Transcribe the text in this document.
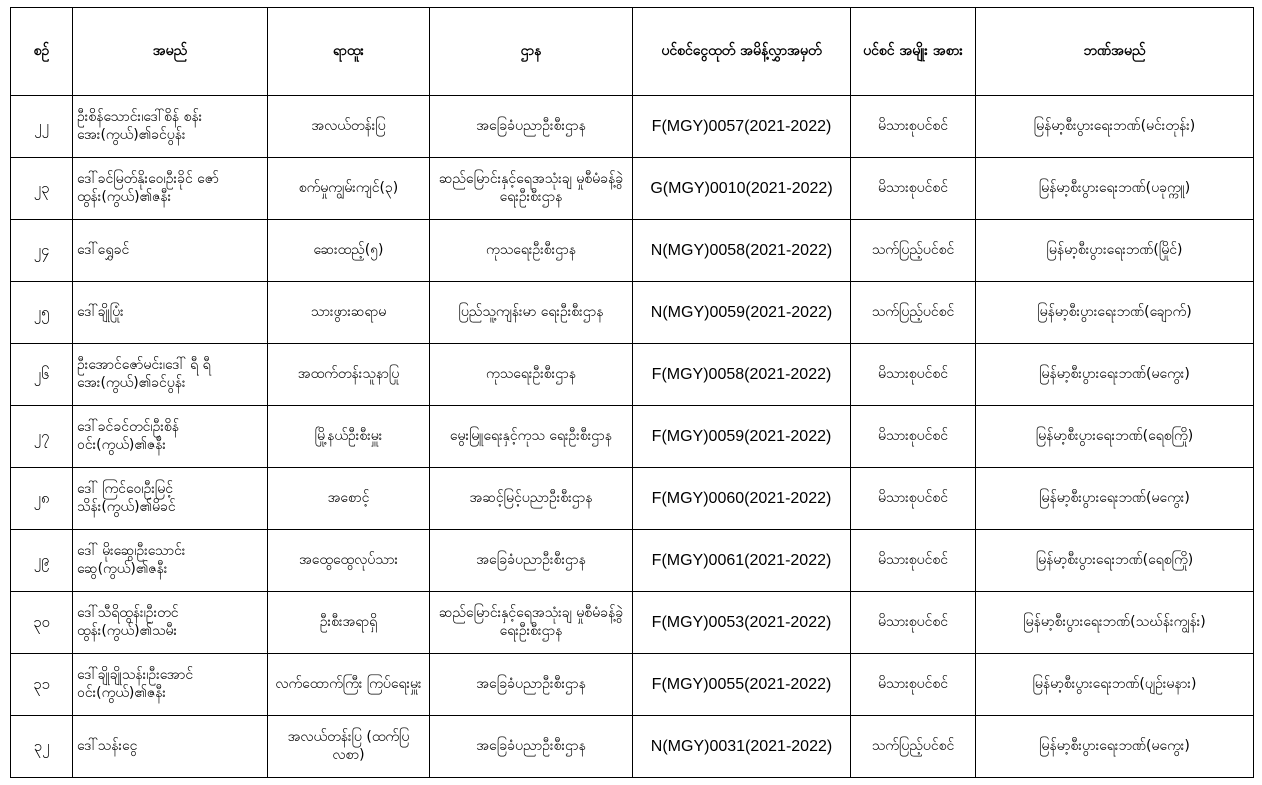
စဉ်	အမည်	ရာထူး	ဌာန	ပင်စင်ငွေထုတ် အမိန့်လွှာအမှတ်	ပင်စင် အမျိုး အစား	ဘဏ်အမည်
၂၂	ဦးစိန်သောင်း၊ဒေါ်စိန် စန်းအေး(ကွယ်)၏ခင်ပွန်း	အလယ်တန်းပြ	အခြေခံပညာဦးစီးဌာန	F(MGY)0057(2021-2022)	မိသားစုပင်စင်	မြန်မာ့စီးပွားရေးဘဏ်(မင်းတုန်း)
၂၃	ဒေါ်ခင်မြတ်နိုးဝေ၊ဦးခိုင် ဇော်ထွန်း(ကွယ်)၏ဇနီး	စက်မှုကျွမ်းကျင်(၃)	ဆည်မြောင်းနှင့်ရေအသုံးချ မှုစီမံခန့်ခွဲရေးဦးစီးဌာန	G(MGY)0010(2021-2022)	မိသားစုပင်စင်	မြန်မာ့စီးပွားရေးဘဏ်(ပခုက္ကူ)
၂၄	ဒေါ်ရွှေခင်	ဆေးထည့်(၅)	ကုသရေးဦးစီးဌာန	N(MGY)0058(2021-2022)	သက်ပြည့်ပင်စင်	မြန်မာ့စီးပွားရေးဘဏ်(မြိုင်)
၂၅	ဒေါ်ချိုပြုံး	သားဖွားဆရာမ	ပြည်သူ့ကျန်းမာ ရေးဦးစီးဌာန	N(MGY)0059(2021-2022)	သက်ပြည့်ပင်စင်	မြန်မာ့စီးပွားရေးဘဏ်(ချောက်)
၂၆	ဦးအောင်ဇော်မင်း၊ဒေါ် ရီ ရီအေး(ကွယ်)၏ခင်ပွန်း	အထက်တန်းသူနာပြု	ကုသရေးဦးစီးဌာန	F(MGY)0058(2021-2022)	မိသားစုပင်စင်	မြန်မာ့စီးပွားရေးဘဏ်(မကွေး)
၂၇	ဒေါ်ခင်ခင်တင်၊ဦးစိန် ဝင်း(ကွယ်)၏ဇနီး	မြို့နယ်ဦးစီးမှူး	မွေးမြူရေးနှင့်ကုသ ရေးဦးစီးဌာန	F(MGY)0059(2021-2022)	မိသားစုပင်စင်	မြန်မာ့စီးပွားရေးဘဏ်(ရေစကြို)
၂၈	ဒေါ် ကြင်ဝေ၊ဦးမြင့် သိန်း(ကွယ်)၏မိခင်	အစောင့်	အဆင့်မြင့်ပညာဦးစီးဌာန	F(MGY)0060(2021-2022)	မိသားစုပင်စင်	မြန်မာ့စီးပွားရေးဘဏ်(မကွေး)
၂၉	ဒေါ် မိုးဆွေ၊ဦးသောင်း ဆွေ(ကွယ်)၏ဇနီး	အထွေထွေလုပ်သား	အခြေခံပညာဦးစီးဌာန	F(MGY)0061(2021-2022)	မိသားစုပင်စင်	မြန်မာ့စီးပွားရေးဘဏ်(ရေစကြို)
၃၀	ဒေါ်သီရိထွန်း၊ဦးတင် ထွန်း(ကွယ်)၏သမီး	ဦးစီးအရာရှိ	ဆည်မြောင်းနှင့်ရေအသုံးချ မှုစီမံခန့်ခွဲရေးဦးစီးဌာန	F(MGY)0053(2021-2022)	မိသားစုပင်စင်	မြန်မာ့စီးပွားရေးဘဏ်(သဃ်န်းကျွန်း)
၃၁	ဒေါ်ချိုချိုသန်း၊ဦးအောင် ဝင်း(ကွယ်)၏ဇနီး	လက်ထောက်ကြီး ကြပ်ရေးမှူး	အခြေခံပညာဦးစီးဌာန	F(MGY)0055(2021-2022)	မိသားစုပင်စင်	မြန်မာ့စီးပွားရေးဘဏ်(ပျဉ်းမနား)
၃၂	ဒေါ်သန်းငွေ	အလယ်တန်းပြ (ထက်ပြလစာ)	အခြေခံပညာဦးစီးဌာန	N(MGY)0031(2021-2022)	သက်ပြည့်ပင်စင်	မြန်မာ့စီးပွားရေးဘဏ်(မကွေး)
